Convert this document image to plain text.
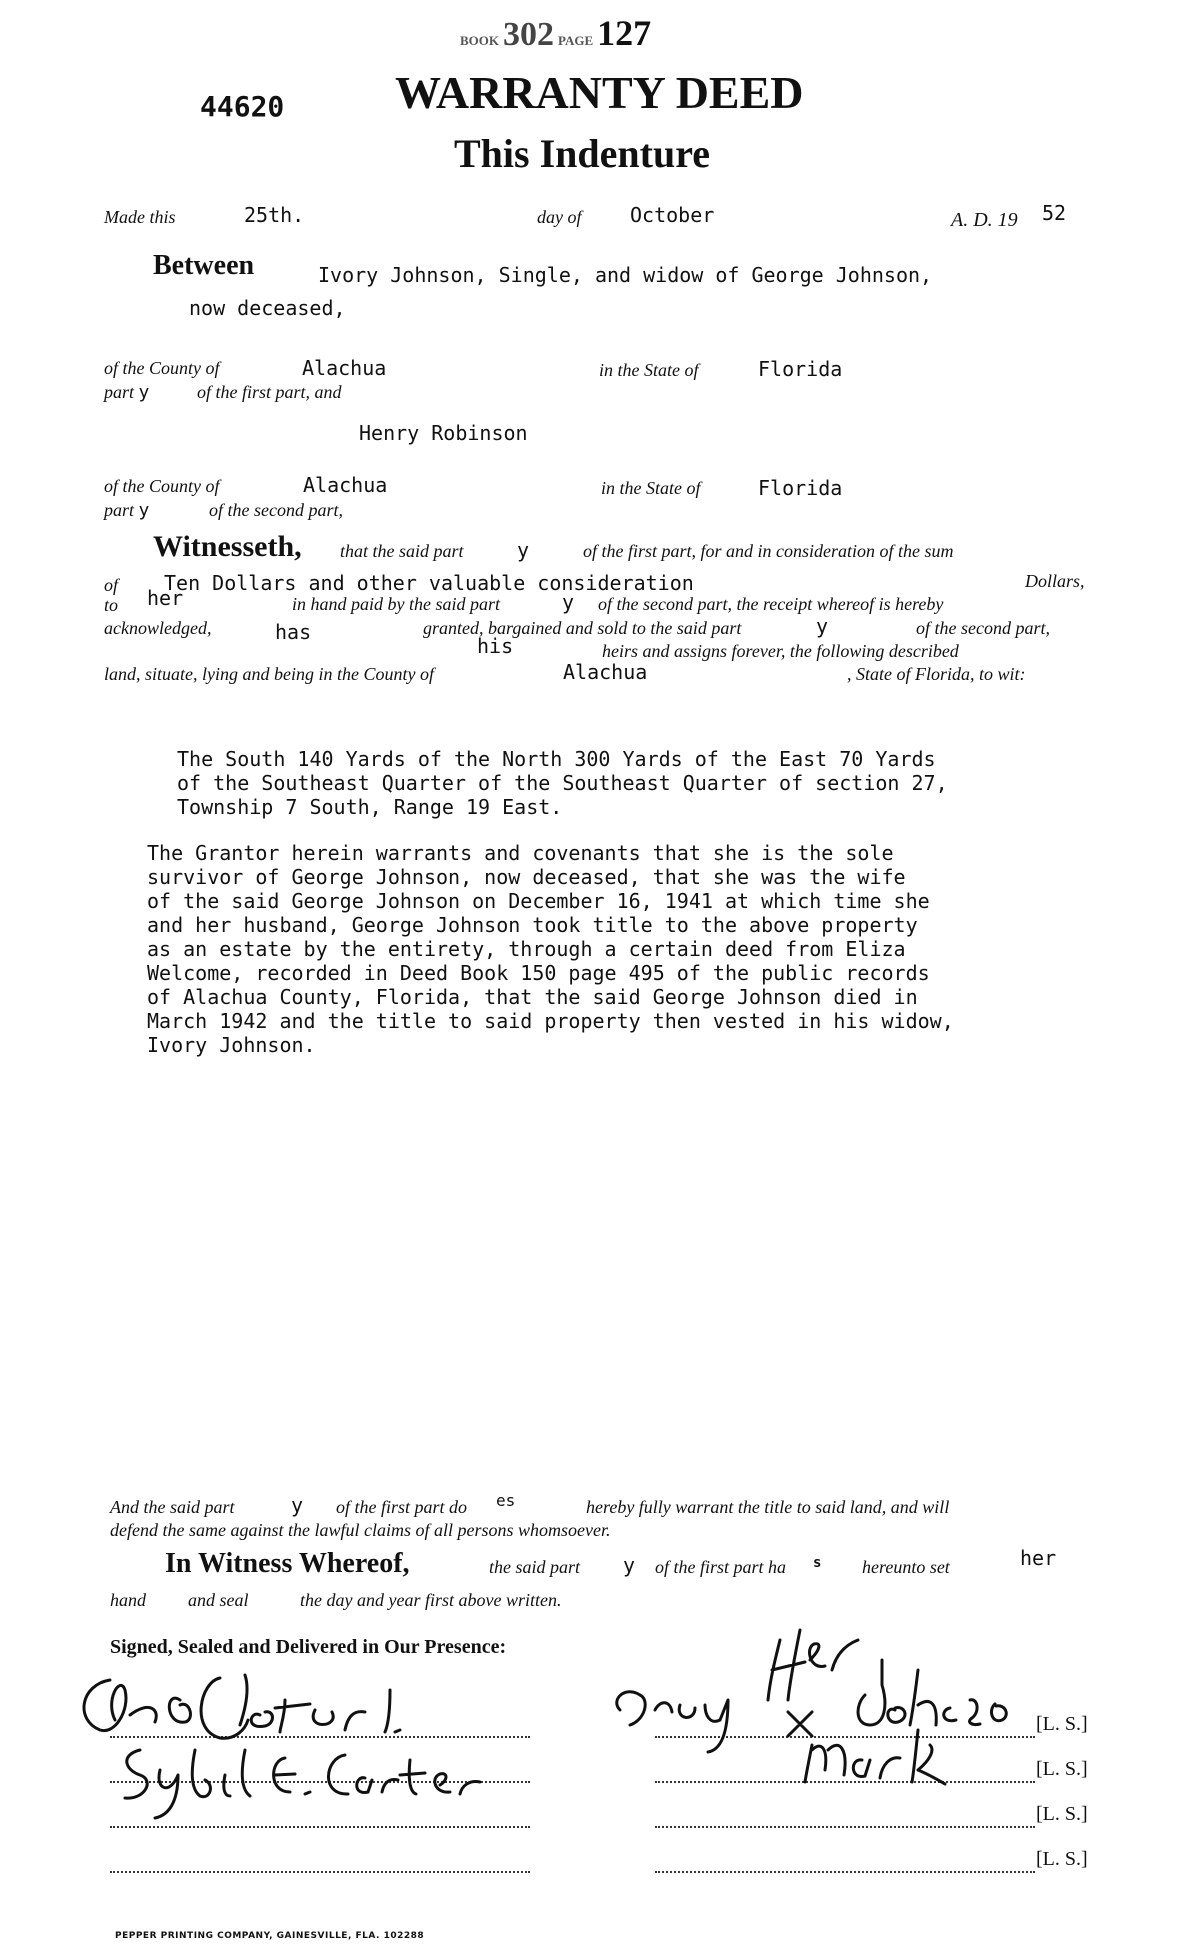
BOOK 302 PAGE 127
44620 WARRANTY DEED
This Indenture
Made this	25th.	day of October	A. D. 19 52
Between	Ivory Johnson, Single, and widow of George Johnson,
now deceased,
of the County of	Alachua	in the State of	Florida
part y	of the first part, and
Henry Robinson
of the County of	Alachua	in the State of	Florida
part y	of the second part,
Witnesseth, that the said part	y	of the first part, for and in consideration of the sum
of Ten Dollars and other valuable consideration	Dollars,
to her	in hand paid by the said part	y of the second part, the receipt whereof is hereby
acknowledged,	has	granted, bargained and sold to the said part	y	of the second part,
his	heirs and assigns forever, the following described
land, situate, lying and being in the County of	Alachua	, State of Florida, to wit:

The South 140 Yards of the North 300 Yards of the East 70 Yards
of the Southeast Quarter of the Southeast Quarter of section 27,
Township 7 South, Range 19 East.

The Grantor herein warrants and covenants that she is the sole
survivor of George Johnson, now deceased, that she was the wife
of the said George Johnson on December 16, 1941 at which time she
and her husband, George Johnson took title to the above property
as an estate by the entirety, through a certain deed from Eliza
Welcome, recorded in Deed Book 150 page 495 of the public records
of Alachua County, Florida, that the said George Johnson died in
March 1942 and the title to said property then vested in his widow,
Ivory Johnson.
And the said part	y of the first part do es	hereby fully warrant the title to said land, and will
defend the same against the lawful claims of all persons whomsoever.
In Witness Whereof,	the said part y of the first part ha s hereunto set	her
hand and seal	the day and year first above written.
Signed, Sealed and Delivered in Our Presence:
[L. S.]
[L. S.]
[L. S.]
[L. S.]
PEPPER PRINTING COMPANY, GAINESVILLE, FLA. 102288
